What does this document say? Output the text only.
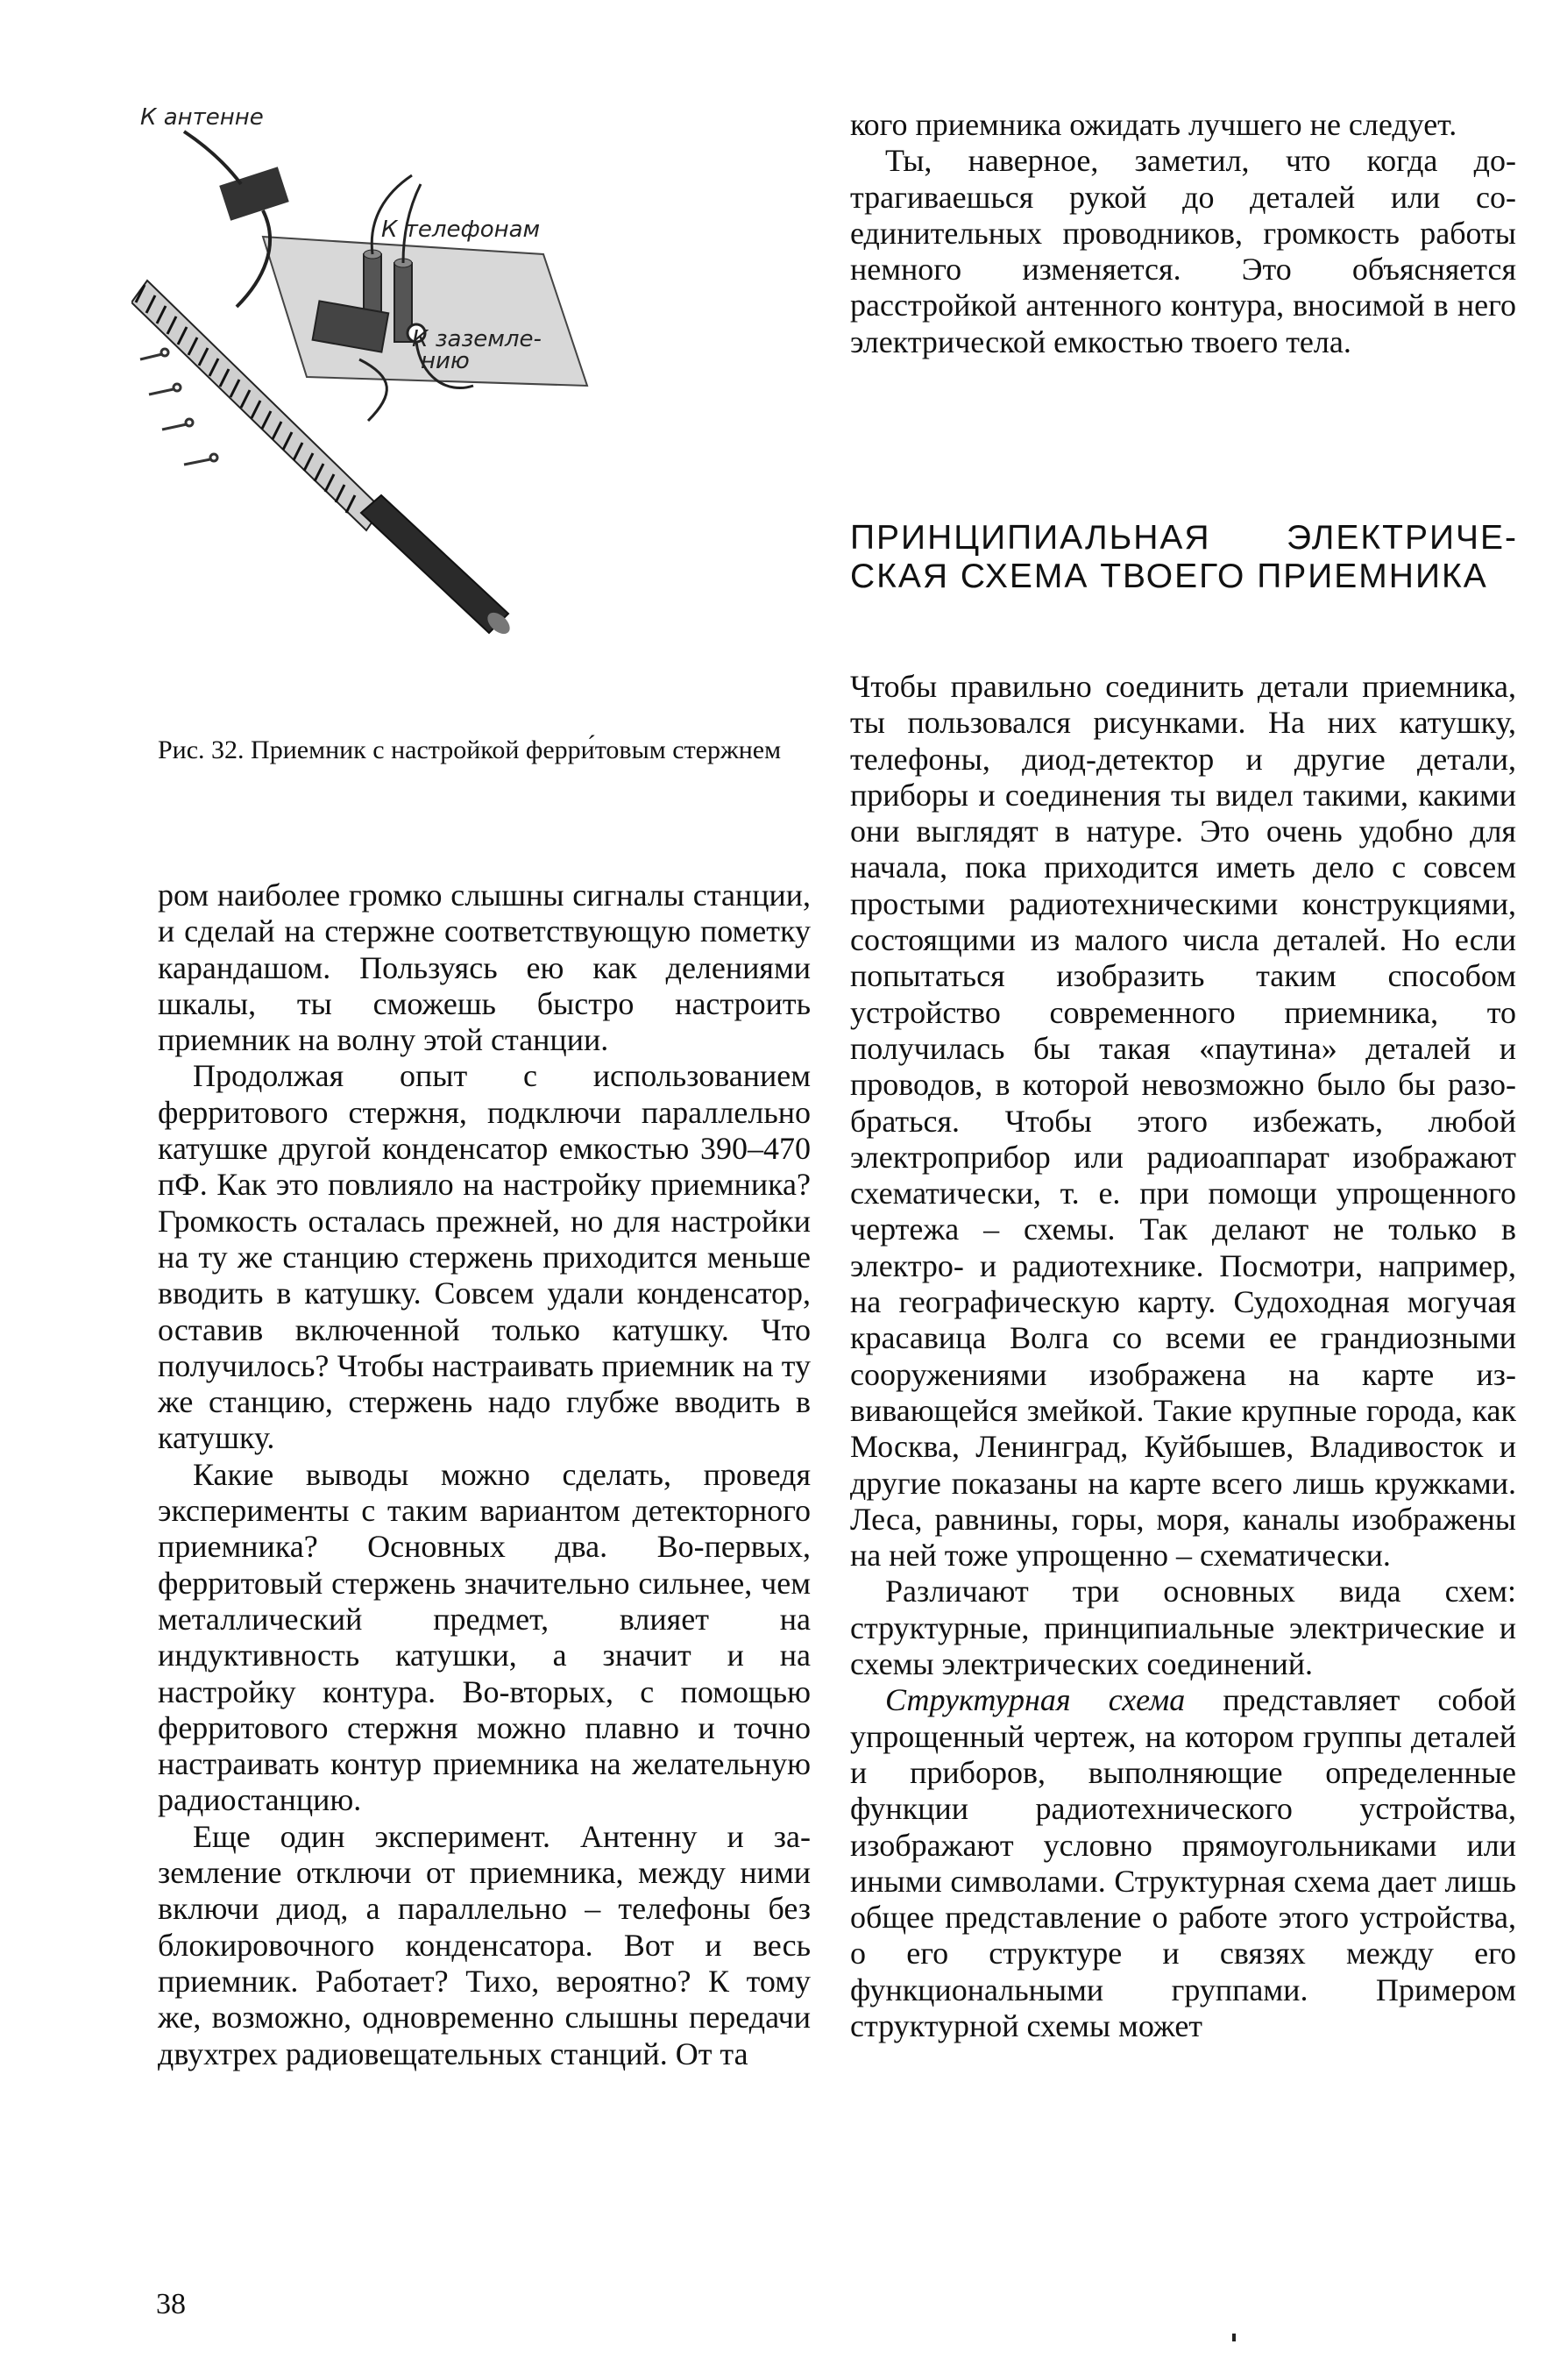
К антенне
К телефонам
К заземле-
нию
Рис. 32. Приемник с настройкой ферри́товым стержнем

ром наиболее громко слышны сигналы станции, и сделай на стержне соответствующую пометку карандашом. Пользуясь ею как делениями шкалы, ты сможешь быстро настроить приемник на волну этой станции.

Продолжая опыт с использованием ферритового стержня, подключи параллельно катушке другой конденсатор емкостью 390–470 пФ. Как это повлияло на настройку приемника? Громкость осталась прежней, но для настройки на ту же станцию стержень приходится меньше вводить в катушку. Совсем удали конденсатор, оставив включенной только катушку. Что получилось? Чтобы настраивать приемник на ту же станцию, стержень надо глубже вводить в катушку.

Какие выводы можно сделать, проведя эксперименты с таким вариантом детекторного приемника? Основных два. Во-первых, ферритовый стержень значительно сильнее, чем металлический предмет, влияет на индуктивность катушки, а значит и на настройку контура. Во-вторых, с помощью ферритового стержня можно плавно и точно настраивать контур приемника на желательную радиостанцию.

Еще один эксперимент. Антенну и заземление отключи от приемника, между ними включи диод, а параллельно – телефоны без блокировочного конденсатора. Вот и весь приемник. Работает? Тихо, вероятно? К тому же, возможно, одновременно слышны передачи двухтрех радиовещательных станций. От та

кого приемника ожидать лучшего не следует.

Ты, наверное, заметил, что когда дотрагиваешься рукой до деталей или соединительных проводников, громкость работы немного изменяется. Это объясняется расстройкой антенного контура, вносимой в него электрической емкостью твоего тела.

ПРИНЦИПИАЛЬНАЯ ЭЛЕКТРИЧЕСКАЯ СХЕМА ТВОЕГО ПРИЕМНИКА

Чтобы правильно соединить детали приемника, ты пользовался рисунками. На них катушку, телефоны, диод-детектор и другие детали, приборы и соединения ты видел такими, какими они выглядят в натуре. Это очень удобно для начала, пока приходится иметь дело с совсем простыми радиотехническими конструкциями, состоящими из малого числа деталей. Но если попытаться изобразить таким способом устройство современного приемника, то получилась бы такая «паутина» деталей и проводов, в которой невозможно было бы разобраться. Чтобы этого избежать, любой электроприбор или радиоаппарат изображают схематически, т. е. при помощи упрощенного чертежа – схемы. Так делают не только в электро- и радиотехнике. Посмотри, например, на географическую карту. Судоходная могучая красавица Волга со всеми ее грандиозными сооружениями изображена на карте извивающейся змейкой. Такие крупные города, как Москва, Ленинград, Куйбышев, Владивосток и другие показаны на карте всего лишь кружками. Леса, равнины, горы, моря, каналы изображены на ней тоже упрощенно – схематически.

Различают три основных вида схем: структурные, принципиальные электрические и схемы электрических соединений.

Структурная схема представляет собой упрощенный чертеж, на котором группы деталей и приборов, выполняющие определенные функции радиотехнического устройства, изображают условно прямоугольниками или иными символами. Структурная схема дает лишь общее представление о работе этого устройства, о его структуре и связях между его функциональными группами. Примером структурной схемы может

38
